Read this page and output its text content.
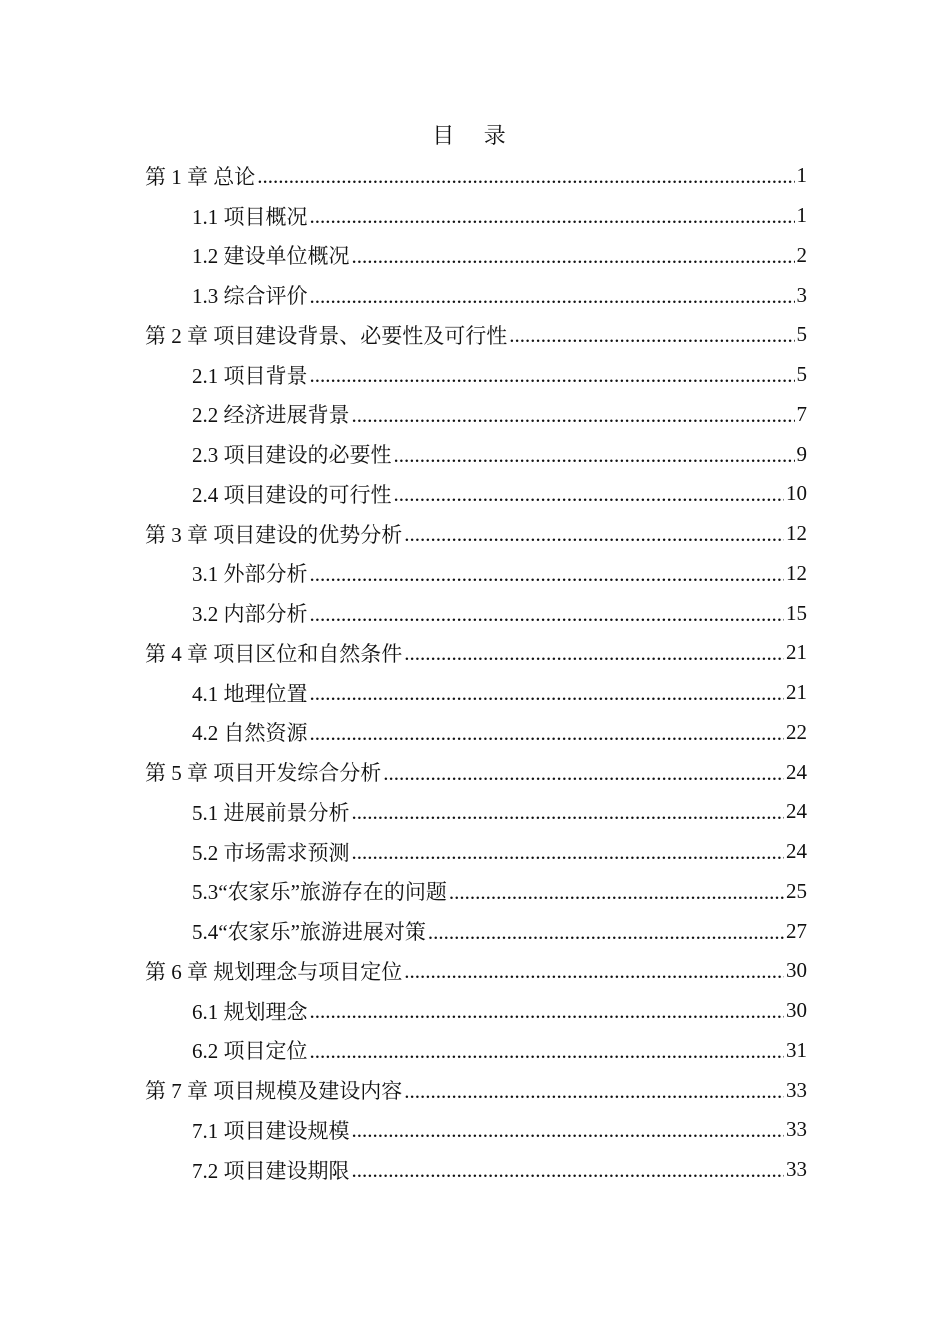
目 录
第 1 章 总论 .....	1
1.1 项目概况 .....	1
1.2 建设单位概况 .....	2
1.3 综合评价 .....	3
第 2 章 项目建设背景、必要性及可行性 .....	5
2.1 项目背景 .....	5
2.2 经济进展背景 .....	7
2.3 项目建设的必要性 .....	9
2.4 项目建设的可行性 .....	10
第 3 章 项目建设的优势分析 .....	12
3.1 外部分析 .....	12
3.2 内部分析 .....	15
第 4 章 项目区位和自然条件 .....	21
4.1 地理位置 .....	21
4.2 自然资源 .....	22
第 5 章 项目开发综合分析 .....	24
5.1 进展前景分析 .....	24
5.2 市场需求预测 .....	24
5.3“农家乐”旅游存在的问题 .....	25
5.4“农家乐”旅游进展对策 .....	27
第 6 章 规划理念与项目定位 .....	30
6.1 规划理念 .....	30
6.2 项目定位 .....	31
第 7 章 项目规模及建设内容 .....	33
7.1 项目建设规模 .....	33
7.2 项目建设期限 .....	33
